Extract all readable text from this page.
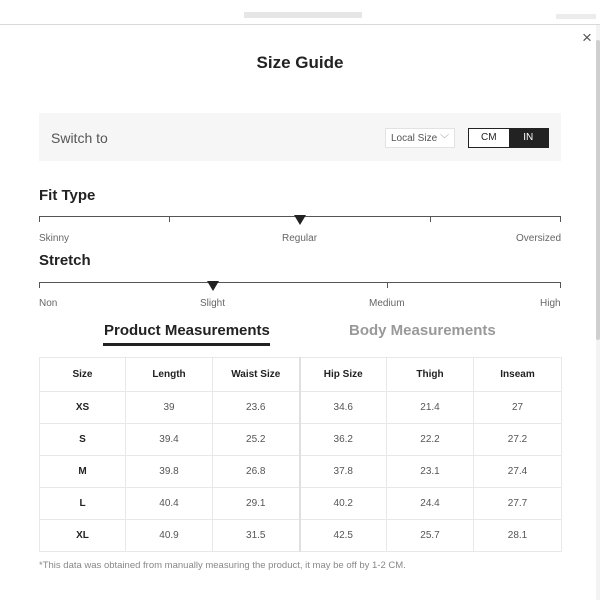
×
Size Guide
Switch to	Local Size ﹀	CM	IN
Fit Type
Skinny	Regular	Oversized
Stretch
Non	Slight	Medium	High
Product Measurements	Body Measurements
Size	Length	Waist Size	Hip Size	Thigh	Inseam
XS	39	23.6	34.6	21.4	27
S	39.4	25.2	36.2	22.2	27.2
M	39.8	26.8	37.8	23.1	27.4
L	40.4	29.1	40.2	24.4	27.7
XL	40.9	31.5	42.5	25.7	28.1
*This data was obtained from manually measuring the product, it may be off by 1-2 CM.
